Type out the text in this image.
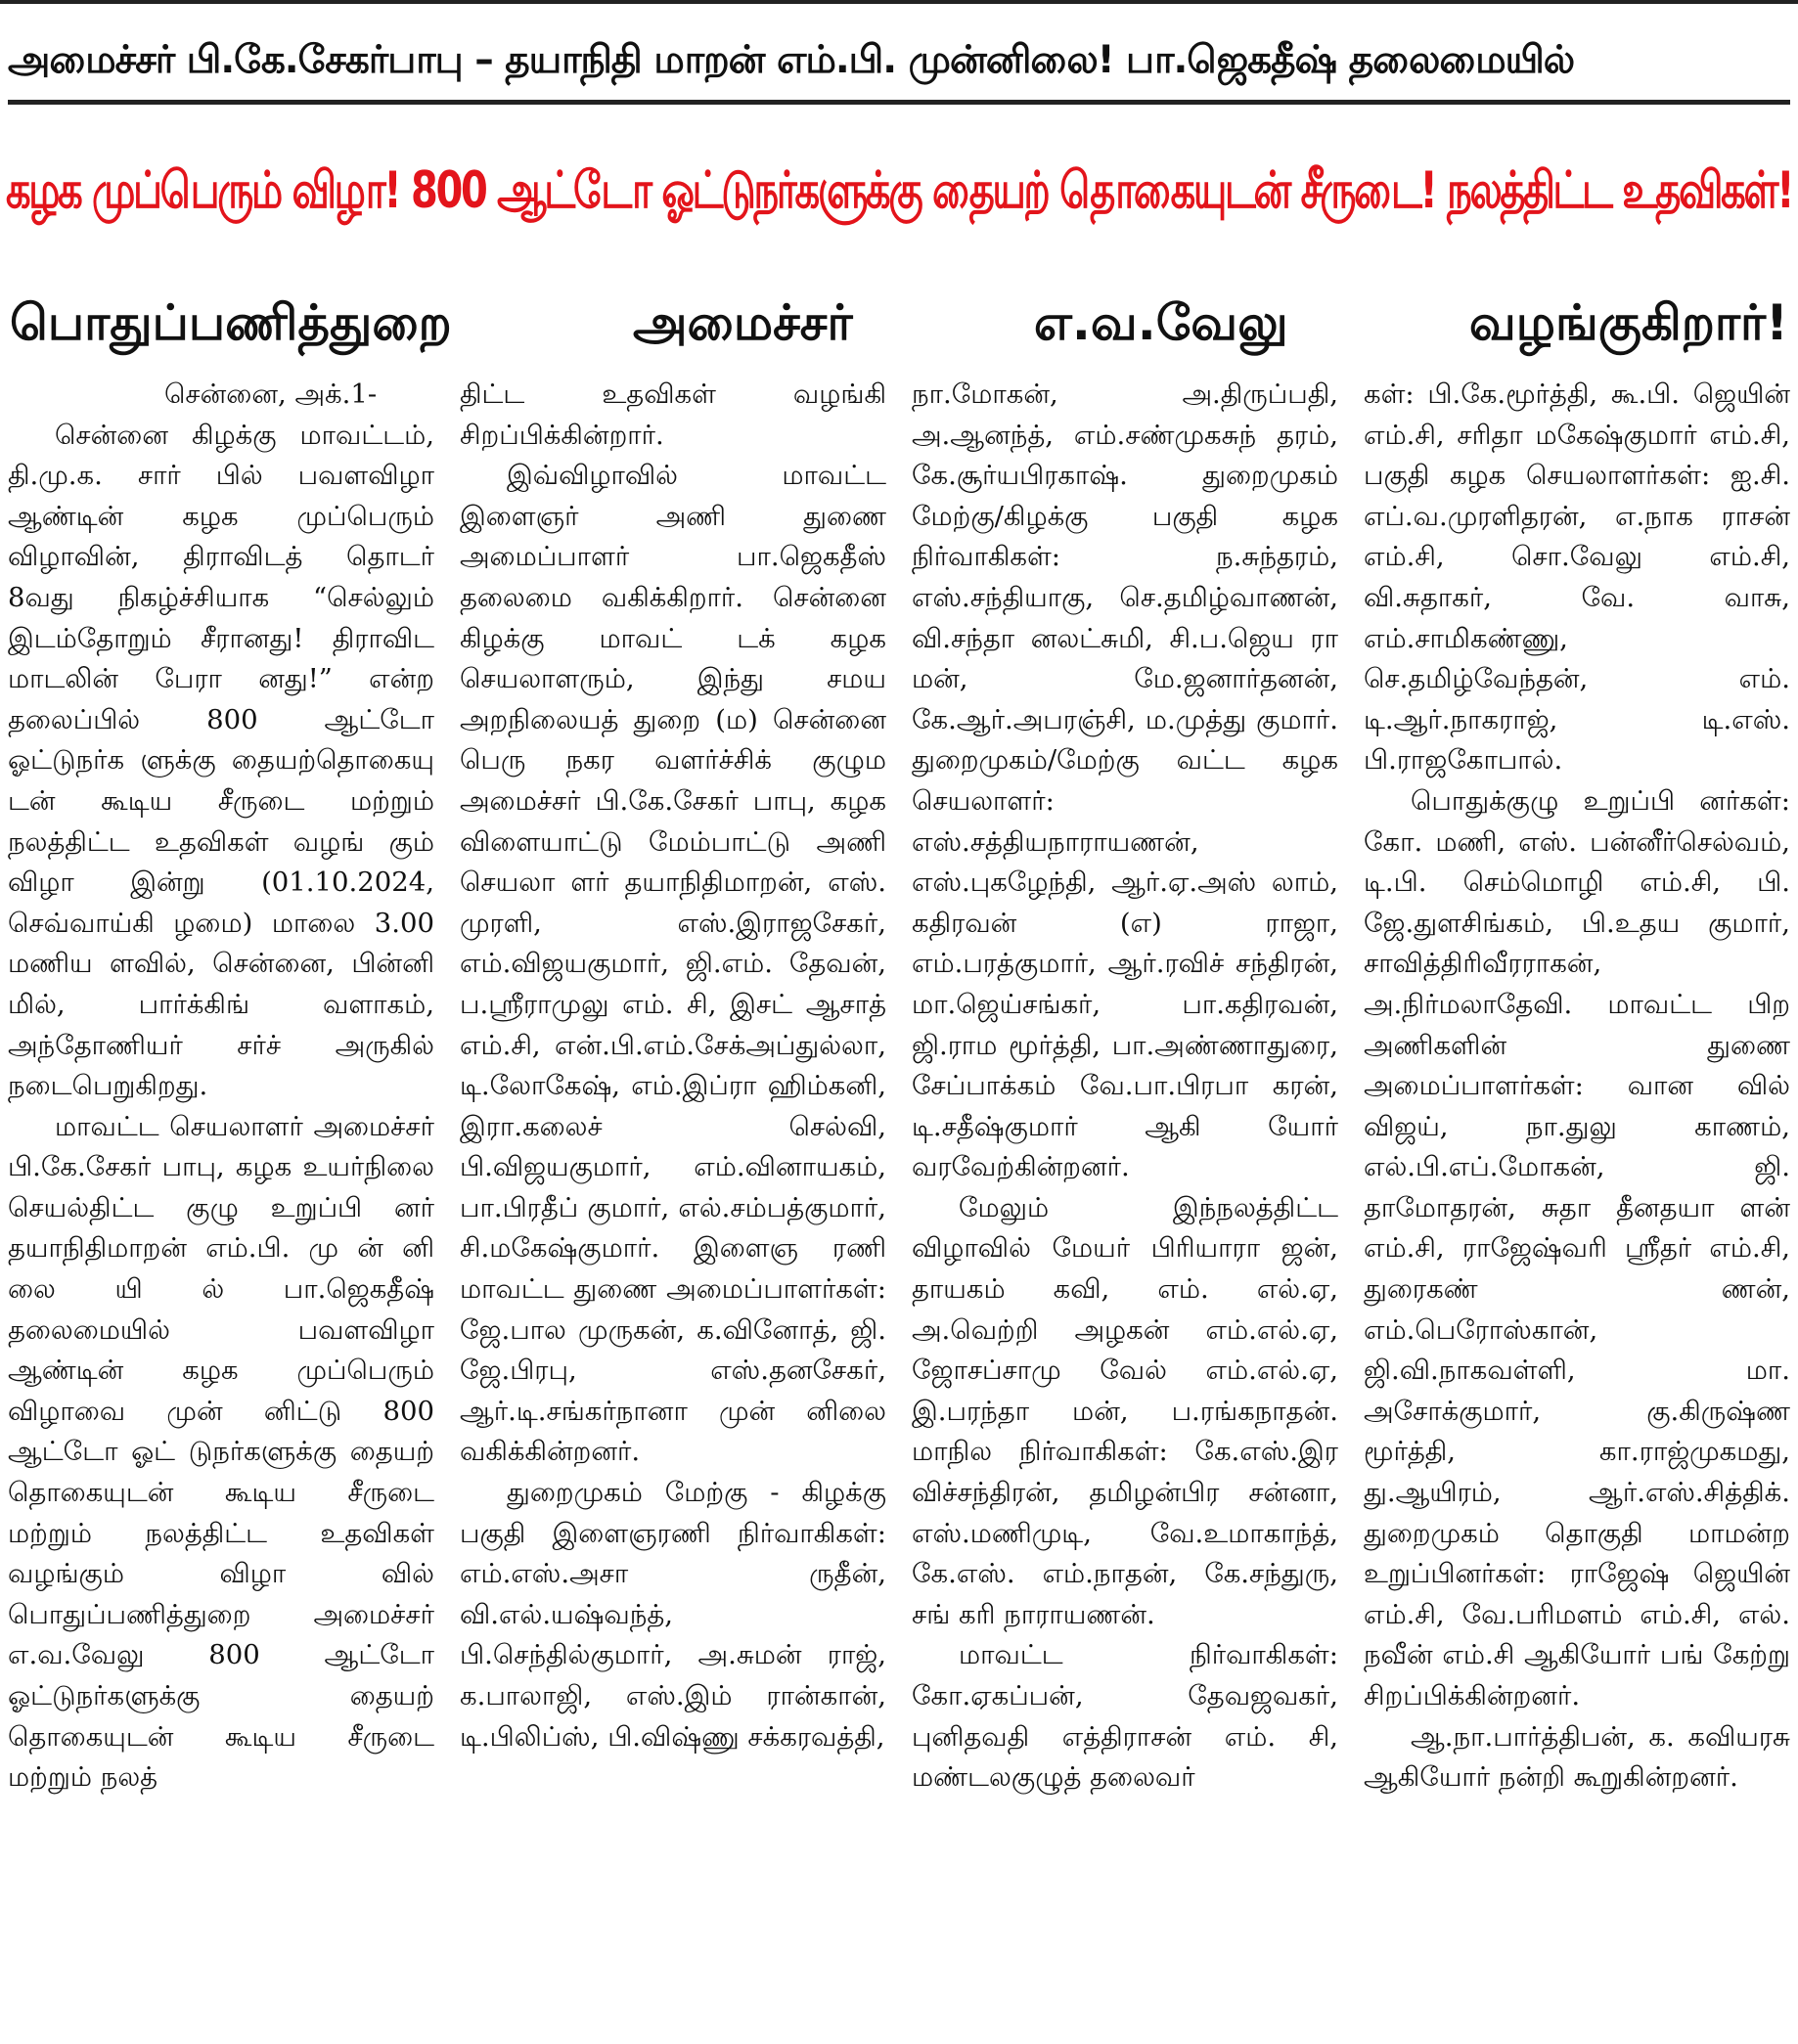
அமைச்சர் பி.கே.சேகர்பாபு – தயாநிதி மாறன் எம்.பி. முன்னிலை! பா.ஜெகதீஷ் தலைமையில்
கழக முப்பெரும் விழா! 800 ஆட்டோ ஓட்டுநர்களுக்கு தையற் தொகையுடன் சீருடை! நலத்திட்ட உதவிகள்!
பொதுப்பணித்துறை	அமைச்சர்	எ.வ.வேலு	வழங்குகிறார்!

சென்னை, அக்.1-

சென்னை கிழக்கு மாவட்டம், தி.மு.க. சார் பில் பவளவிழா ஆண்டின் கழக முப்பெரும் விழாவின், திராவிடத் தொடர் 8வது நிகழ்ச்சியாக “செல்லும் இடம்தோறும் சீரானது! திராவிட மாடலின் பேரா னது!” என்ற தலைப்பில் 800 ஆட்டோ ஓட்டுநர்க ளுக்கு தையற்தொகையு டன் கூடிய சீருடை மற்றும் நலத்திட்ட உதவிகள் வழங் கும் விழா இன்று (01.10.2024, செவ்வாய்கி ழமை) மாலை 3.00 மணிய ளவில், சென்னை, பின்னி மில், பார்க்கிங் வளாகம், அந்தோணியர் சர்ச் அருகில் நடைபெறுகிறது.

மாவட்ட செயலாளர் அமைச்சர் பி.கே.சேகர் பாபு, கழக உயர்நிலை செயல்திட்ட குழு உறுப்பி னர் தயாநிதிமாறன் எம்.பி. மு ன் னி லை யி ல் பா.ஜெகதீஷ் தலைமையில் பவளவிழா ஆண்டின் கழக முப்பெரும் விழாவை முன் னிட்டு 800 ஆட்டோ ஓட் டுநர்களுக்கு தையற் தொகையுடன் கூடிய சீருடை மற்றும் நலத்திட்ட உதவிகள் வழங்கும் விழா வில் பொதுப்பணித்துறை அமைச்சர் எ.வ.வேலு 800 ஆட்டோ ஓட்டுநர்களுக்கு தையற் தொகையுடன் கூடிய சீருடை மற்றும் நலத்

திட்ட உதவிகள் வழங்கி சிறப்பிக்கின்றார்.

இவ்விழாவில் மாவட்ட இளைஞர் அணி துணை அமைப்பாளர் பா.ஜெகதீஸ் தலைமை வகிக்கிறார். சென்னை கிழக்கு மாவட் டக் கழக செயலாளரும், இந்து சமய அறநிலையத் துறை (ம) சென்னை பெரு நகர வளர்ச்சிக் குழும அமைச்சர் பி.கே.சேகர் பாபு, கழக விளையாட்டு மேம்பாட்டு அணி செயலா ளர் தயாநிதிமாறன், எஸ். முரளி, எஸ்.இராஜசேகர், எம்.விஜயகுமார், ஜி.எம். தேவன், ப.ஸ்ரீராமுலு எம். சி, இசட் ஆசாத் எம்.சி, என்.பி.எம்.சேக்அப்துல்லா, டி.லோகேஷ், எம்.இப்ரா ஹிம்கனி, இரா.கலைச் செல்வி, பி.விஜயகுமார், எம்.வினாயகம், பா.பிரதீப் குமார், எல்.சம்பத்குமார், சி.மகேஷ்குமார். இளைஞ ரணி மாவட்ட துணை அமைப்பாளர்கள்: ஜே.பால முருகன், க.வினோத், ஜி. ஜே.பிரபு, எஸ்.தனசேகர், ஆர்.டி.சங்கர்நானா முன் னிலை வகிக்கின்றனர்.

துறைமுகம் மேற்கு - கிழக்கு பகுதி இளைஞரணி நிர்வாகிகள்: எம்.எஸ்.அசா ருதீன், வி.எல்.யஷ்வந்த், பி.செந்தில்குமார், அ.சுமன் ராஜ், க.பாலாஜி, எஸ்.இம் ரான்கான், டி.பிலிப்ஸ், பி.விஷ்ணு சக்கரவத்தி,

நா.மோகன், அ.திருப்பதி, அ.ஆனந்த், எம்.சண்முகசுந் தரம், கே.சூர்யபிரகாஷ். துறைமுகம் மேற்கு/கிழக்கு பகுதி கழக நிர்வாகிகள்: ந.சுந்தரம், எஸ்.சந்தியாகு, செ.தமிழ்வாணன், வி.சந்தா னலட்சுமி, சி.ப.ஜெய ரா மன், மே.ஜனார்தனன், கே.ஆர்.அபரஞ்சி, ம.முத்து குமார். துறைமுகம்/மேற்கு வட்ட கழக செயலாளர்: எஸ்.சத்தியநாராயணன், எஸ்.புகழேந்தி, ஆர்.ஏ.அஸ் லாம், கதிரவன் (எ) ராஜா, எம்.பரத்குமார், ஆர்.ரவிச் சந்திரன், மா.ஜெய்சங்கர், பா.கதிரவன், ஜி.ராம மூர்த்தி, பா.அண்ணாதுரை, சேப்பாக்கம் வே.பா.பிரபா கரன், டி.சதீஷ்குமார் ஆகி யோர் வரவேற்கின்றனர்.

மேலும் இந்நலத்திட்ட விழாவில் மேயர் பிரியாரா ஜன், தாயகம் கவி, எம். எல்.ஏ, அ.வெற்றி அழகன் எம்.எல்.ஏ, ஜோசப்சாமு வேல் எம்.எல்.ஏ, இ.பரந்தா மன், ப.ரங்கநாதன். மாநில நிர்வாகிகள்: கே.எஸ்.இர விச்சந்திரன், தமிழன்பிர சன்னா, எஸ்.மணிமுடி, வே.உமாகாந்த், கே.எஸ். எம்.நாதன், கே.சந்துரு, சங் கரி நாராயணன்.

மாவட்ட நிர்வாகிகள்: கோ.ஏகப்பன், தேவஜவகர், புனிதவதி எத்திராசன் எம். சி, மண்டலகுழுத் தலைவர்

கள்: பி.கே.மூர்த்தி, கூ.பி. ஜெயின் எம்.சி, சரிதா மகேஷ்குமார் எம்.சி, பகுதி கழக செயலாளர்கள்: ஐ.சி. எப்.வ.முரளிதரன், எ.நாக ராசன் எம்.சி, சொ.வேலு எம்.சி, வி.சுதாகர், வே. வாசு, எம்.சாமிகண்ணு, செ.தமிழ்வேந்தன், எம். டி.ஆர்.நாகராஜ், டி.எஸ். பி.ராஜகோபால்.

பொதுக்குழு உறுப்பி னர்கள்: கோ. மணி, எஸ். பன்னீர்செல்வம், டி.பி. செம்மொழி எம்.சி, பி. ஜே.துளசிங்கம், பி.உதய குமார், சாவித்திரிவீரராகன், அ.நிர்மலாதேவி. மாவட்ட பிற அணிகளின் துணை அமைப்பாளர்கள்: வான வில் விஜய், நா.துலு காணம், எல்.பி.எப்.மோகன், ஜி. தாமோதரன், சுதா தீனதயா ளன் எம்.சி, ராஜேஷ்வரி ஸ்ரீதர் எம்.சி, துரைகண் ணன், எம்.பெரோஸ்கான், ஜி.வி.நாகவள்ளி, மா. அசோக்குமார், கு.கிருஷ்ண மூர்த்தி, கா.ராஜ்முகமது, து.ஆயிரம், ஆர்.எஸ்.சித்திக். துறைமுகம் தொகுதி மாமன்ற உறுப்பினர்கள்: ராஜேஷ் ஜெயின் எம்.சி, வே.பரிமளம் எம்.சி, எல். நவீன் எம்.சி ஆகியோர் பங் கேற்று சிறப்பிக்கின்றனர்.

ஆ.நா.பார்த்திபன், க. கவியரசு ஆகியோர் நன்றி கூறுகின்றனர்.
